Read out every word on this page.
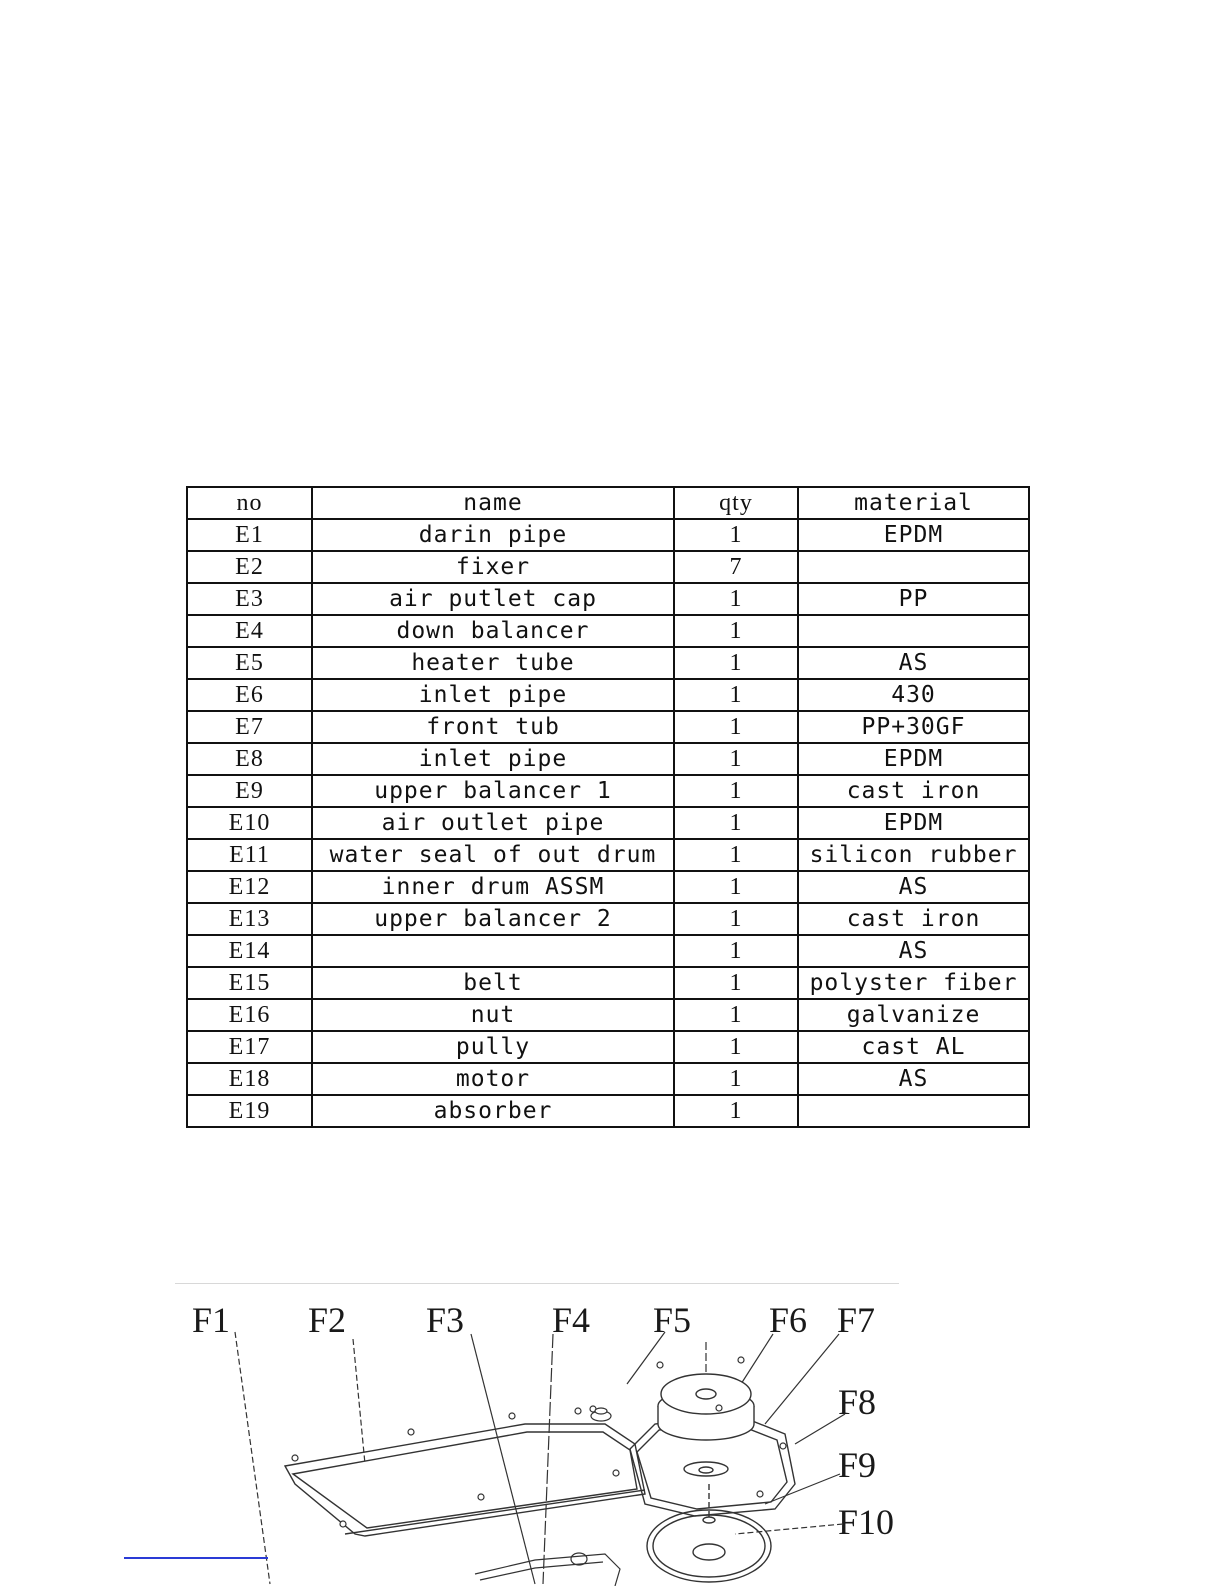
no	name	qty	material
E1	darin pipe	1	EPDM
E2	fixer	7	
E3	air putlet cap	1	PP
E4	down balancer	1	
E5	heater tube	1	AS
E6	inlet pipe	1	430
E7	front tub	1	PP+30GF
E8	inlet pipe	1	EPDM
E9	upper balancer 1	1	cast iron
E10	air outlet pipe	1	EPDM
E11	water seal of out drum	1	silicon rubber
E12	inner drum ASSM	1	AS
E13	upper balancer 2	1	cast iron
E14		1	AS
E15	belt	1	polyster fiber
E16	nut	1	galvanize
E17	pully	1	cast AL
E18	motor	1	AS
E19	absorber	1	
F1 F2 F3 F4 F5 F6 F7
F8
F9
F10
